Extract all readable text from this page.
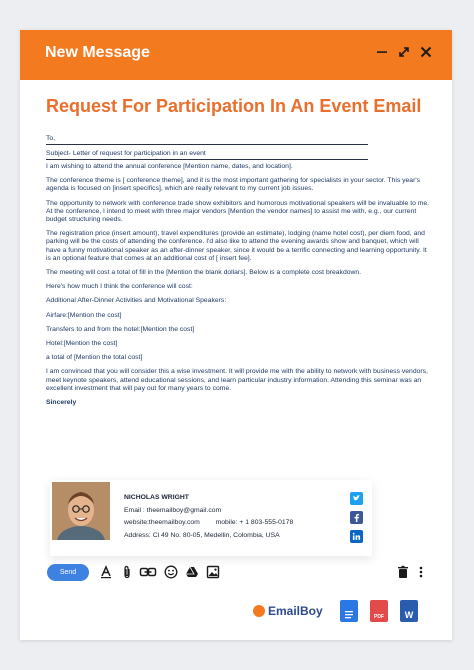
New Message
Request For Participation In An Event Email
To,
Subject- Letter of request for participation in an event

I am wishing to attend the annual conference [Mention name, dates, and location].

The conference theme is [ conference theme], and it is the most important gathering for specialists in your sector. This year's agenda is focused on [insert specifics], which are really relevant to my current job issues.

The opportunity to network with conference trade show exhibitors and humorous motivational speakers will be invaluable to me. At the conference, I intend to meet with three major vendors [Mention the vendor names] to assist me with, e.g., our current budget structuring needs.

The registration price (insert amount), travel expenditures (provide an estimate), lodging (name hotel cost), per diem food, and parking will be the costs of attending the conference. I'd also like to attend the evening awards show and banquet, which will have a funny motivational speaker as an after-dinner speaker, since it would be a terrific connecting and learning opportunity. It is an optional feature that comes at an additional cost of [ insert fee].

The meeting will cost a total of fill in the [Mention the blank dollars]. Below is a complete cost breakdown.

Here's how much I think the conference will cost:

Additional After-Dinner Activities and Motivational Speakers:

Airfare:[Mention the cost]

Transfers to and from the hotel:[Mention the cost]

Hotel:[Mention the cost]

a total of [Mention the total cost]

I am convinced that you will consider this a wise investment. It will provide me with the ability to network with business vendors, meet keynote speakers, attend educational sessions, and learn particular industry information. Attending this seminar was an excellent investment that will pay out for many years to come.

Sincerely

NICHOLAS WRIGHT
Email : theemailboy@gmail.com
website:theemailboy.com mobile: + 1 803-555-0178
Address: Cl 49 No. 80-05, Medellin, Colombia, USA
Send
EmailBoy	PDF W
